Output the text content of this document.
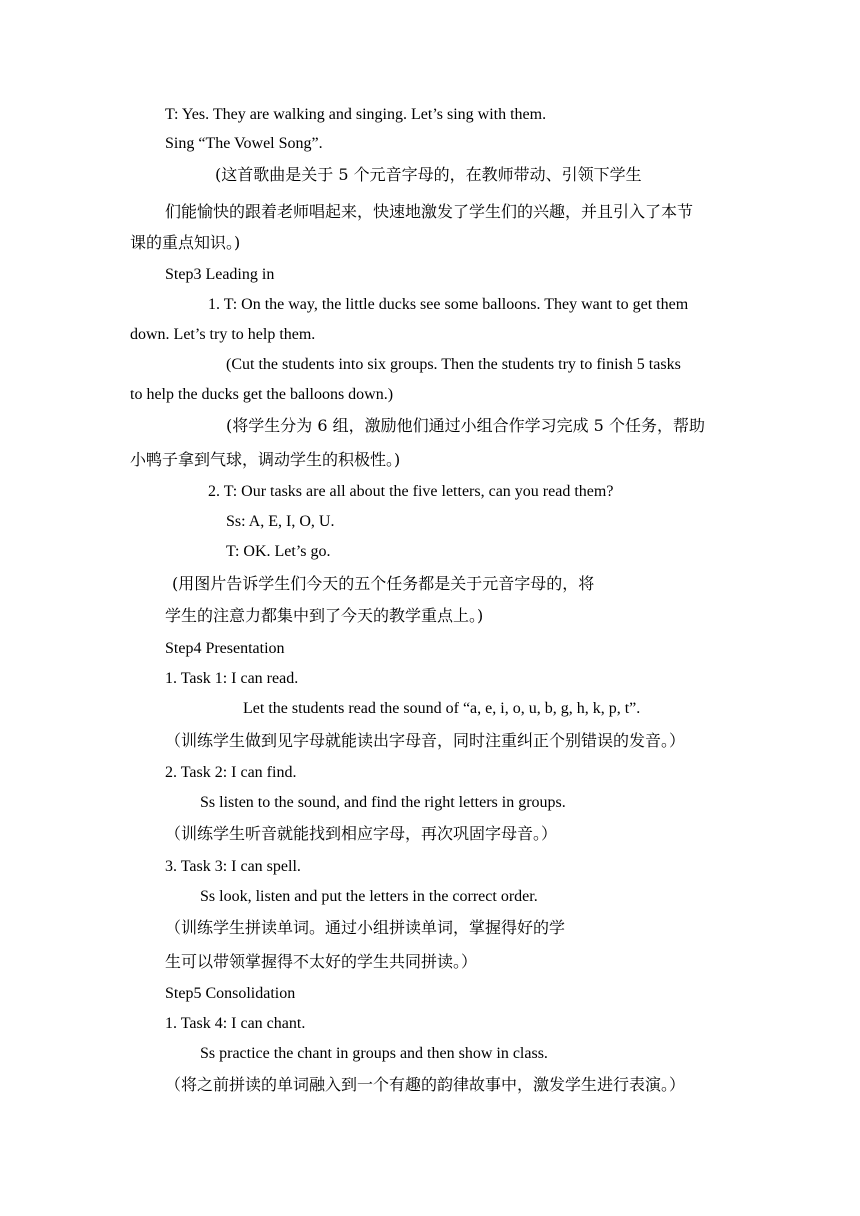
T: Yes. They are walking and singing. Let’s sing with them.
Sing “The Vowel Song”.
(这首歌曲是关于 5 个元音字母的，在教师带动、引领下学生
们能愉快的跟着老师唱起来，快速地激发了学生们的兴趣，并且引入了本节
课的重点知识。)
Step3 Leading in
1. T: On the way, the little ducks see some balloons. They want to get them
down. Let’s try to help them.
(Cut the students into six groups. Then the students try to finish 5 tasks
to help the ducks get the balloons down.)
(将学生分为 6 组，激励他们通过小组合作学习完成 5 个任务，帮助
小鸭子拿到气球，调动学生的积极性。)
2. T: Our tasks are all about the five letters, can you read them?
Ss: A, E, I, O, U.
T: OK. Let’s go.
(用图片告诉学生们今天的五个任务都是关于元音字母的，将
学生的注意力都集中到了今天的教学重点上。)
Step4 Presentation
1. Task 1: I can read.
Let the students read the sound of “a, e, i, o, u, b, g, h, k, p, t”.
（训练学生做到见字母就能读出字母音，同时注重纠正个别错误的发音。）
2. Task 2: I can find.
Ss listen to the sound, and find the right letters in groups.
（训练学生听音就能找到相应字母，再次巩固字母音。）
3. Task 3: I can spell.
Ss look, listen and put the letters in the correct order.
（训练学生拼读单词。通过小组拼读单词，掌握得好的学
生可以带领掌握得不太好的学生共同拼读。）
Step5 Consolidation
1. Task 4: I can chant.
Ss practice the chant in groups and then show in class.
（将之前拼读的单词融入到一个有趣的韵律故事中，激发学生进行表演。）
